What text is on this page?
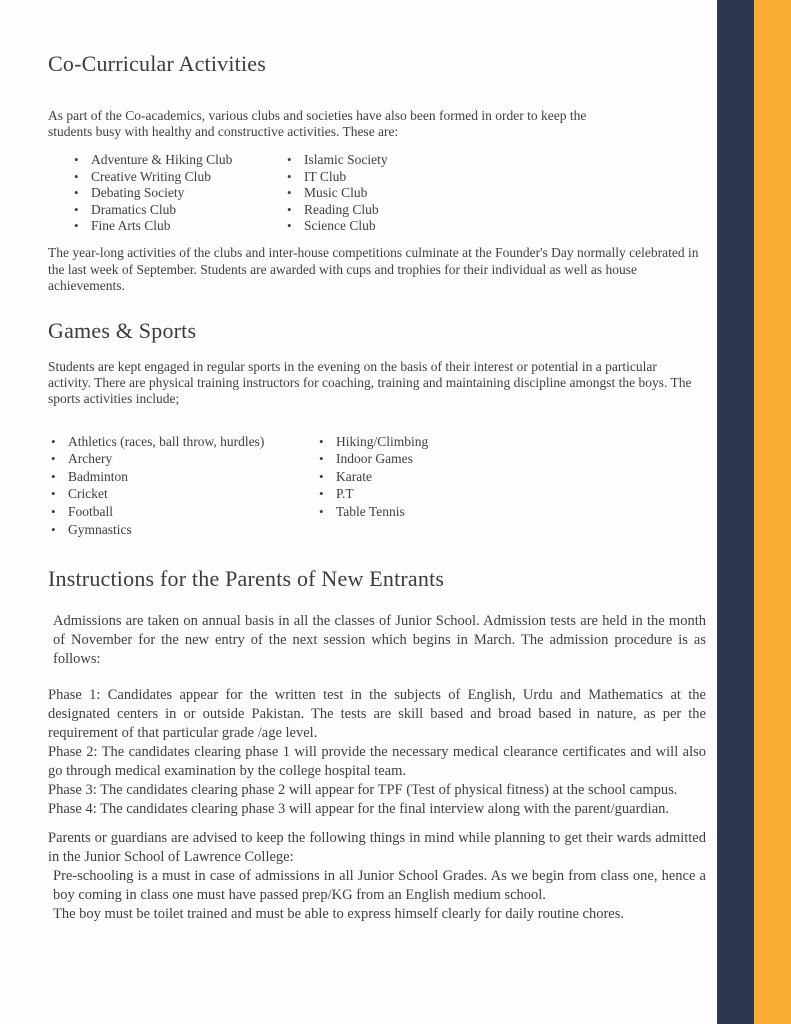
Co-Curricular Activities

As part of the Co-academics, various clubs and societies have also been formed in order to keep the students busy with healthy and constructive activities. These are:

• Adventure & Hiking Club
• Creative Writing Club
• Debating Society
• Dramatics Club
• Fine Arts Club
• Islamic Society
• IT Club
• Music Club
• Reading Club
• Science Club

The year-long activities of the clubs and inter-house competitions culminate at the Founder's Day normally celebrated in the last week of September. Students are awarded with cups and trophies for their individual as well as house achievements.

Games & Sports

Students are kept engaged in regular sports in the evening on the basis of their interest or potential in a particular activity. There are physical training instructors for coaching, training and maintaining discipline amongst the boys. The sports activities include;

• Athletics (races, ball throw, hurdles)
• Archery
• Badminton
• Cricket
• Football
• Gymnastics
• Hiking/Climbing
• Indoor Games
• Karate
• P.T
• Table Tennis
Instructions for the Parents of New Entrants

Admissions are taken on annual basis in all the classes of Junior School. Admission tests are held in the month of November for the new entry of the next session which begins in March. The admission procedure is as follows:

Phase 1: Candidates appear for the written test in the subjects of English, Urdu and Mathematics at the designated centers in or outside Pakistan. The tests are skill based and broad based in nature, as per the requirement of that particular grade /age level.
Phase 2: The candidates clearing phase 1 will provide the necessary medical clearance certificates and will also go through medical examination by the college hospital team.
Phase 3: The candidates clearing phase 2 will appear for TPF (Test of physical fitness) at the school campus.
Phase 4: The candidates clearing phase 3 will appear for the final interview along with the parent/guardian.
Parents or guardians are advised to keep the following things in mind while planning to get their wards admitted in the Junior School of Lawrence College:
Pre-schooling is a must in case of admissions in all Junior School Grades. As we begin from class one, hence a boy coming in class one must have passed prep/KG from an English medium school.
The boy must be toilet trained and must be able to express himself clearly for daily routine chores.
